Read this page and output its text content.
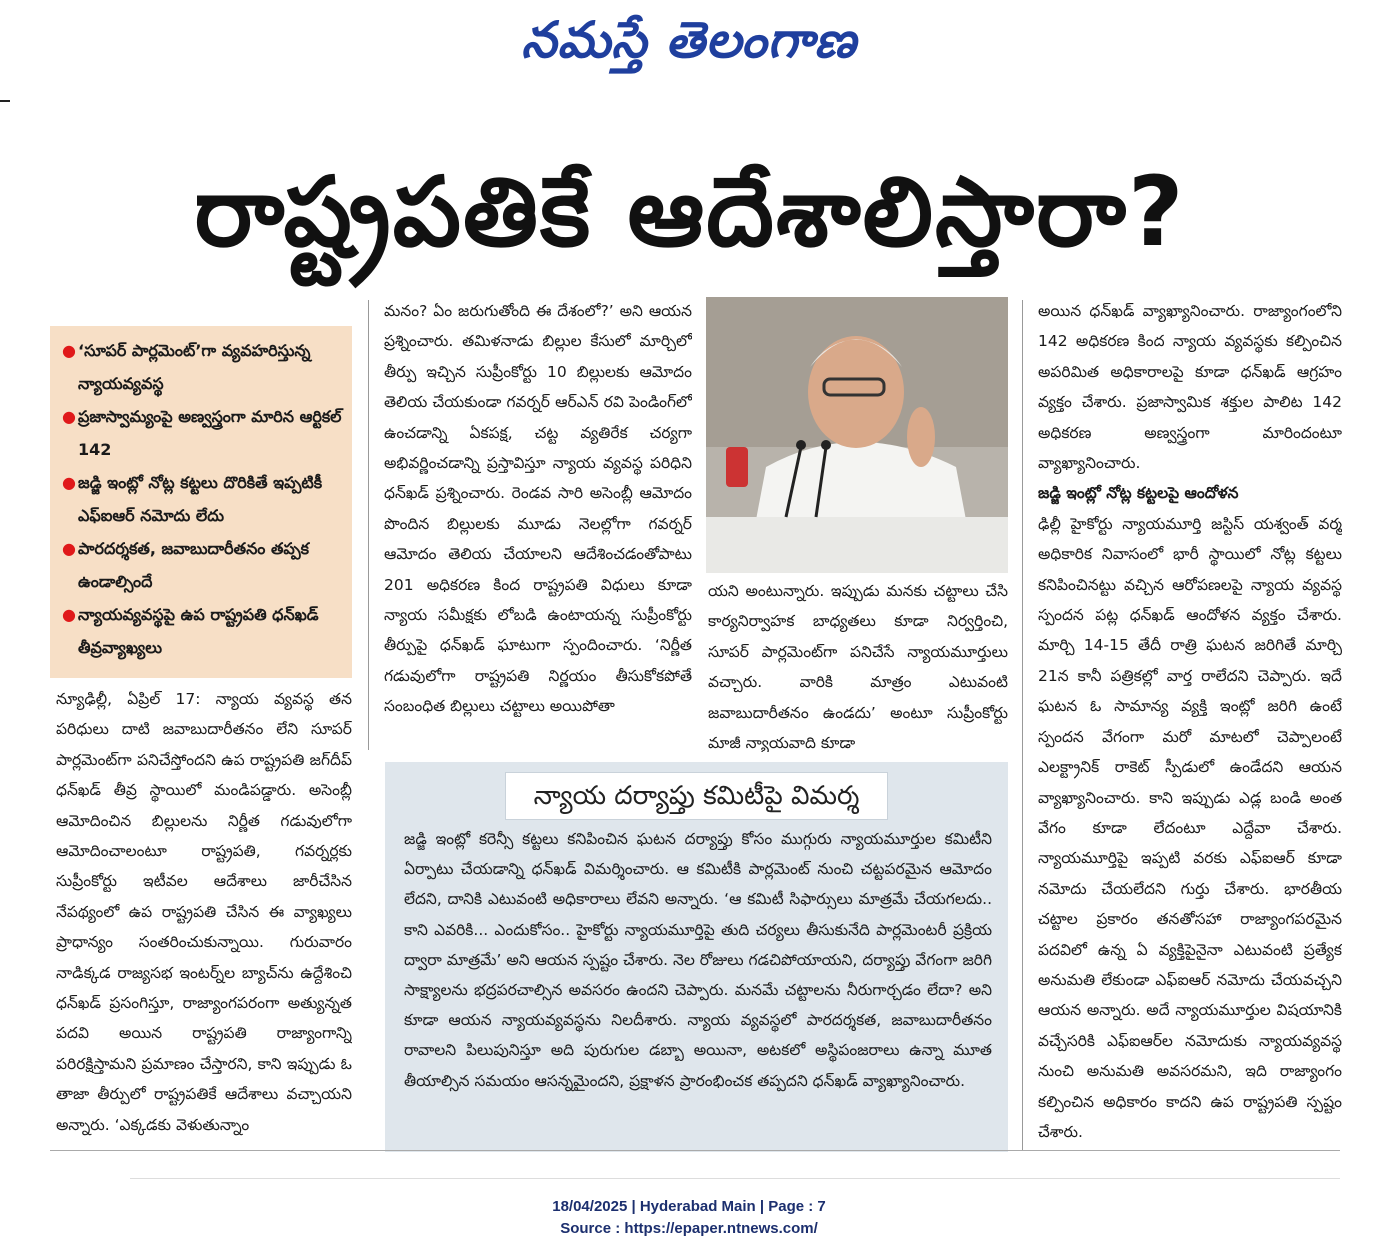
నమస్తే తెలంగాణ
రాష్ట్రపతికే ఆదేశాలిస్తారా?
● ‘సూపర్ పార్లమెంట్’గా వ్యవహరిస్తున్న న్యాయవ్యవస్థ
● ప్రజాస్వామ్యంపై అణ్వస్త్రంగా మారిన ఆర్టికల్ 142
● జడ్జి ఇంట్లో నోట్ల కట్టలు దొరికితే ఇప్పటికీ ఎఫ్ఐఆర్ నమోదు లేదు
● పారదర్శకత, జవాబుదారీతనం తప్పక ఉండాల్సిందే
● న్యాయవ్యవస్థపై ఉప రాష్ట్రపతి ధన్‌ఖడ్ తీవ్రవ్యాఖ్యలు

న్యూఢిల్లీ, ఏప్రిల్ 17: న్యాయ వ్యవస్థ తన పరిధులు దాటి జవాబుదారీతనం లేని సూపర్ పార్లమెంట్‌గా పనిచేస్తోందని ఉప రాష్ట్రపతి జగ్‌దీప్ ధన్‌ఖడ్ తీవ్ర స్థాయిలో మండిపడ్డారు. అసెంబ్లీ ఆమోదించిన బిల్లులను నిర్ణీత గడువులోగా ఆమోదించాలంటూ రాష్ట్రపతి, గవర్నర్లకు సుప్రీంకోర్టు ఇటీవల ఆదేశాలు జారీచేసిన నేపథ్యంలో ఉప రాష్ట్రపతి చేసిన ఈ వ్యాఖ్యలు ప్రాధాన్యం సంతరించుకున్నాయి. గురువారం నాడిక్కడ రాజ్యసభ ఇంటర్న్‌ల బ్యాచ్‌ను ఉద్దేశించి ధన్‌ఖడ్ ప్రసంగిస్తూ, రాజ్యాంగపరంగా అత్యున్నత పదవి అయిన రాష్ట్రపతి రాజ్యాంగాన్ని పరిరక్షిస్తామని ప్రమాణం చేస్తారని, కాని ఇప్పుడు ఓ తాజా తీర్పులో రాష్ట్రపతికే ఆదేశాలు వచ్చాయని అన్నారు. ‘ఎక్కడకు వెళుతున్నాం

మనం? ఏం జరుగుతోంది ఈ దేశంలో?’ అని ఆయన ప్రశ్నించారు. తమిళనాడు బిల్లుల కేసులో మార్చిలో తీర్పు ఇచ్చిన సుప్రీంకోర్టు 10 బిల్లులకు ఆమోదం తెలియ చేయకుండా గవర్నర్ ఆర్ఎన్ రవి పెండింగ్‌లో ఉంచడాన్ని ఏకపక్ష, చట్ట వ్యతిరేక చర్యగా అభివర్ణించడాన్ని ప్రస్తావిస్తూ న్యాయ వ్యవస్థ పరిధిని ధన్‌ఖడ్ ప్రశ్నించారు. రెండవ సారి అసెంబ్లీ ఆమోదం పొందిన బిల్లులకు మూడు నెలల్లోగా గవర్నర్ ఆమోదం తెలియ చేయాలని ఆదేశించడంతోపాటు 201 అధికరణ కింద రాష్ట్రపతి విధులు కూడా న్యాయ సమీక్షకు లోబడి ఉంటాయన్న సుప్రీంకోర్టు తీర్పుపై ధన్‌ఖడ్ ఘాటుగా స్పందించారు. ‘నిర్ణీత గడువులోగా రాష్ట్రపతి నిర్ణయం తీసుకోకపోతే సంబంధిత బిల్లులు చట్టాలు అయిపోతా

యని అంటున్నారు. ఇప్పుడు మనకు చట్టాలు చేసి కార్యనిర్వాహక బాధ్యతలు కూడా నిర్వర్తించి, సూపర్ పార్లమెంట్‌గా పనిచేసే న్యాయమూర్తులు వచ్చారు. వారికి మాత్రం ఎటువంటి జవాబుదారీతనం ఉండదు’ అంటూ సుప్రీంకోర్టు మాజీ న్యాయవాది కూడా

అయిన ధన్‌ఖడ్ వ్యాఖ్యానించారు. రాజ్యాంగంలోని 142 అధికరణ కింద న్యాయ వ్యవస్థకు కల్పించిన అపరిమిత అధికారాలపై కూడా ధన్‌ఖడ్ ఆగ్రహం వ్యక్తం చేశారు. ప్రజాస్వామిక శక్తుల పాలిట 142 అధికరణ అణ్వస్త్రంగా మారిందంటూ వ్యాఖ్యానించారు.

జడ్జి ఇంట్లో నోట్ల కట్టలపై ఆందోళన

ఢిల్లీ హైకోర్టు న్యాయమూర్తి జస్టిస్ యశ్వంత్ వర్మ అధికారిక నివాసంలో భారీ స్థాయిలో నోట్ల కట్టలు కనిపించినట్టు వచ్చిన ఆరోపణలపై న్యాయ వ్యవస్థ స్పందన పట్ల ధన్‌ఖడ్ ఆందోళన వ్యక్తం చేశారు. మార్చి 14-15 తేదీ రాత్రి ఘటన జరిగితే మార్చి 21న కానీ పత్రికల్లో వార్త రాలేదని చెప్పారు. ఇదే ఘటన ఓ సామాన్య వ్యక్తి ఇంట్లో జరిగి ఉంటే స్పందన వేగంగా మరో మాటలో చెప్పాలంటే ఎలక్ట్రానిక్ రాకెట్ స్పీడులో ఉండేదని ఆయన వ్యాఖ్యానించారు. కాని ఇప్పుడు ఎడ్ల బండి అంత వేగం కూడా లేదంటూ ఎద్దేవా చేశారు. న్యాయమూర్తిపై ఇప్పటి వరకు ఎఫ్ఐఆర్ కూడా నమోదు చేయలేదని గుర్తు చేశారు. భారతీయ చట్టాల ప్రకారం తనతోసహా రాజ్యాంగపరమైన పదవిలో ఉన్న ఏ వ్యక్తిపైనైనా ఎటువంటి ప్రత్యేక అనుమతి లేకుండా ఎఫ్ఐఆర్ నమోదు చేయవచ్చని ఆయన అన్నారు. అదే న్యాయమూర్తుల విషయానికి వచ్చేసరికి ఎఫ్ఐఆర్‌ల నమోదుకు న్యాయవ్యవస్థ నుంచి అనుమతి అవసరమని, ఇది రాజ్యాంగం కల్పించిన అధికారం కాదని ఉప రాష్ట్రపతి స్పష్టం చేశారు.

న్యాయ దర్యాప్తు కమిటీపై విమర్శ

జడ్జి ఇంట్లో కరెన్సీ కట్టలు కనిపించిన ఘటన దర్యాప్తు కోసం ముగ్గురు న్యాయమూర్తుల కమిటీని ఏర్పాటు చేయడాన్ని ధన్‌ఖడ్ విమర్శించారు. ఆ కమిటీకి పార్లమెంట్ నుంచి చట్టపరమైన ఆమోదం లేదని, దానికి ఎటువంటి అధికారాలు లేవని అన్నారు. ‘ఆ కమిటీ సిఫార్సులు మాత్రమే చేయగలదు.. కాని ఎవరికి... ఎందుకోసం.. హైకోర్టు న్యాయమూర్తిపై తుది చర్యలు తీసుకునేది పార్లమెంటరీ ప్రక్రియ ద్వారా మాత్రమే’ అని ఆయన స్పష్టం చేశారు. నెల రోజులు గడచిపోయాయని, దర్యాప్తు వేగంగా జరిగి సాక్ష్యాలను భద్రపరచాల్సిన అవసరం ఉందని చెప్పారు. మనమే చట్టాలను నీరుగార్చడం లేదా? అని కూడా ఆయన న్యాయవ్యవస్థను నిలదీశారు. న్యాయ వ్యవస్థలో పారదర్శకత, జవాబుదారీతనం రావాలని పిలుపునిస్తూ అది పురుగుల డబ్బా అయినా, అటకలో అస్థిపంజరాలు ఉన్నా మూత తీయాల్సిన సమయం ఆసన్నమైందని, ప్రక్షాళన ప్రారంభించక తప్పదని ధన్‌ఖడ్ వ్యాఖ్యానించారు.

18/04/2025 | Hyderabad Main | Page : 7
Source : https://epaper.ntnews.com/
